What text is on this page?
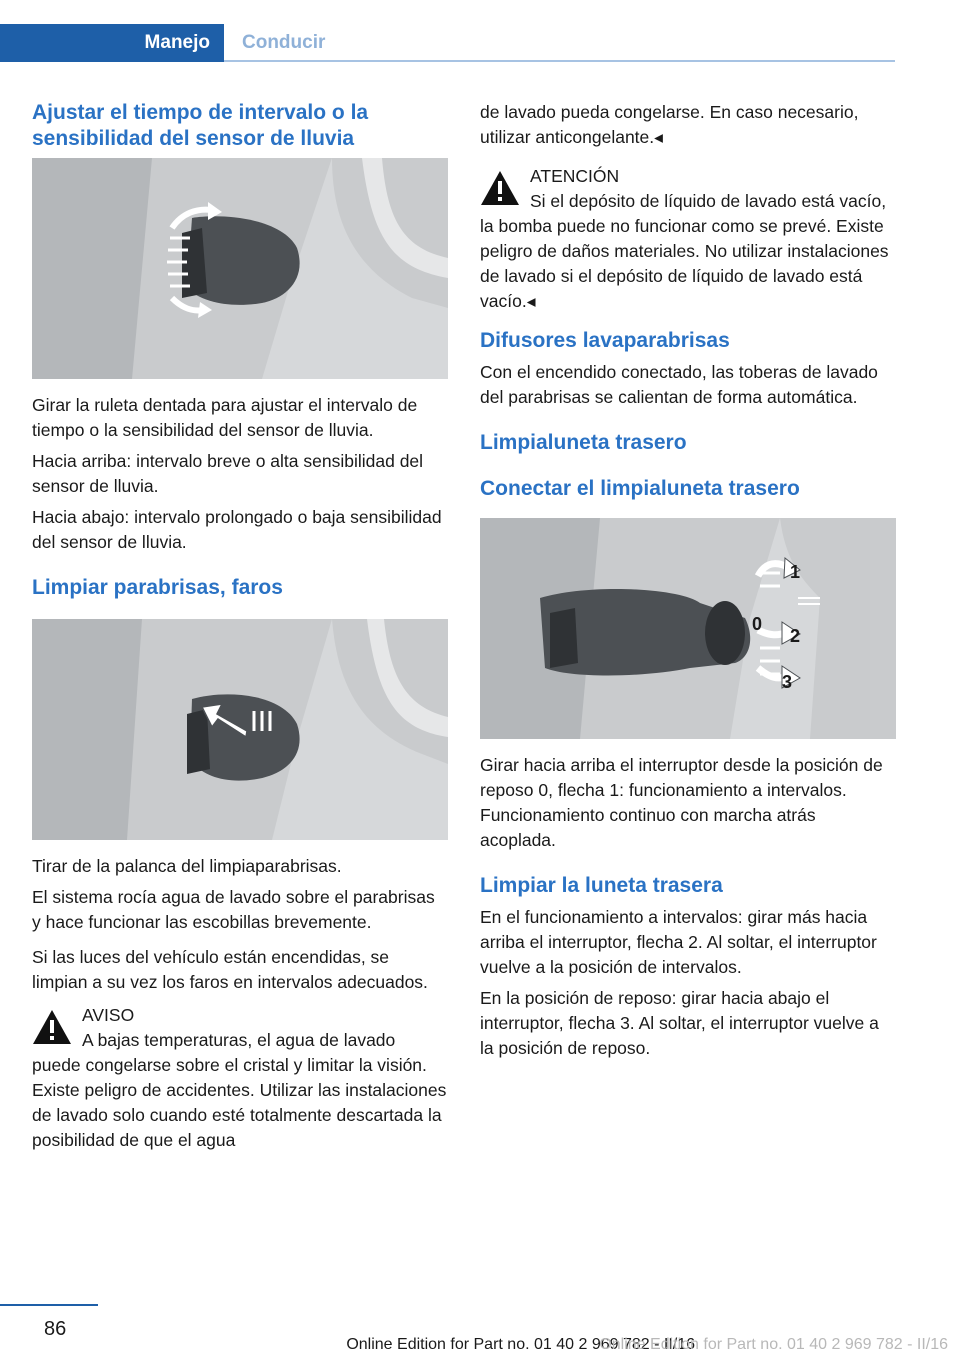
Manejo	Conducir
Ajustar el tiempo de intervalo o la sensibilidad del sensor de lluvia

Girar la ruleta dentada para ajustar el intervalo de tiempo o la sensibilidad del sensor de lluvia.

Hacia arriba: intervalo breve o alta sensibilidad del sensor de lluvia.

Hacia abajo: intervalo prolongado o baja sensibilidad del sensor de lluvia.

Limpiar parabrisas, faros

Tirar de la palanca del limpiaparabrisas.

El sistema rocía agua de lavado sobre el parabrisas y hace funcionar las escobillas brevemente.

Si las luces del vehículo están encendidas, se limpian a su vez los faros en intervalos adecuados.

AVISO

A bajas temperaturas, el agua de lavado puede congelarse sobre el cristal y limitar la visión. Existe peligro de accidentes. Utilizar las instalaciones de lavado solo cuando esté totalmente descartada la posibilidad de que el agua

de lavado pueda congelarse. En caso necesario, utilizar anticongelante.◂

ATENCIÓN

Si el depósito de líquido de lavado está vacío, la bomba puede no funcionar como se prevé. Existe peligro de daños materiales. No utilizar instalaciones de lavado si el depósito de líquido de lavado está vacío.◂

Difusores lavaparabrisas

Con el encendido conectado, las toberas de lavado del parabrisas se calientan de forma automática.

Limpialuneta trasero
Conectar el limpialuneta trasero
1
0
2
3

Girar hacia arriba el interruptor desde la posición de reposo 0, flecha 1: funcionamiento a intervalos. Funcionamiento continuo con marcha atrás acoplada.

Limpiar la luneta trasera

En el funcionamiento a intervalos: girar más hacia arriba el interruptor, flecha 2. Al soltar, el interruptor vuelve a la posición de intervalos.

En la posición de reposo: girar hacia abajo el interruptor, flecha 3. Al soltar, el interruptor vuelve a la posición de reposo.

86
Online Edition for Part no. 01 40 2 969 782 - II/16
Online Edition for Part no. 01 40 2 969 782 - II/16
